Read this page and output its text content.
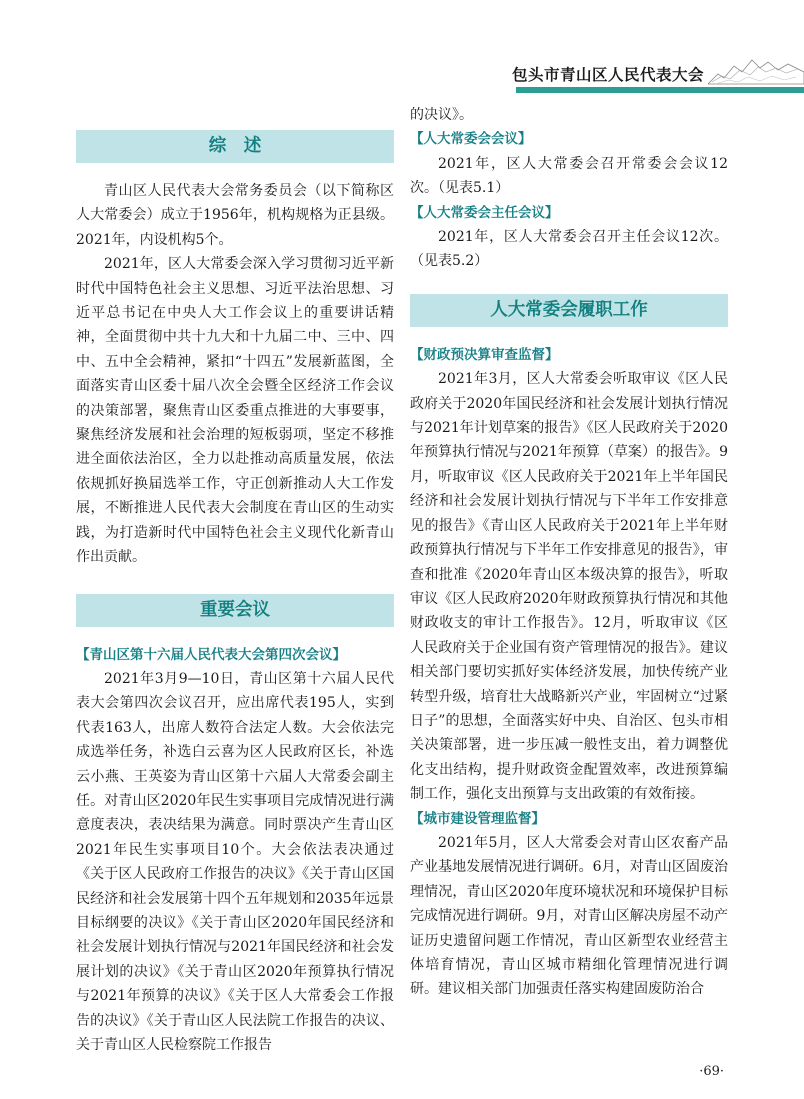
包头市青山区人民代表大会
综　述

青山区人民代表大会常务委员会（以下简称区人大常委会）成立于1956年，机构规格为正县级。2021年，内设机构5个。

2021年，区人大常委会深入学习贯彻习近平新时代中国特色社会主义思想、习近平法治思想、习近平总书记在中央人大工作会议上的重要讲话精神，全面贯彻中共十九大和十九届二中、三中、四中、五中全会精神，紧扣“十四五”发展新蓝图，全面落实青山区委十届八次全会暨全区经济工作会议的决策部署，聚焦青山区委重点推进的大事要事，聚焦经济发展和社会治理的短板弱项，坚定不移推进全面依法治区，全力以赴推动高质量发展，依法依规抓好换届选举工作，守正创新推动人大工作发展，不断推进人民代表大会制度在青山区的生动实践，为打造新时代中国特色社会主义现代化新青山作出贡献。

重要会议
【青山区第十六届人民代表大会第四次会议】

2021年3月9—10日，青山区第十六届人民代表大会第四次会议召开，应出席代表195人，实到代表163人，出席人数符合法定人数。大会依法完成选举任务，补选白云喜为区人民政府区长，补选云小燕、王英姿为青山区第十六届人大常委会副主任。对青山区2020年民生实事项目完成情况进行满意度表决，表决结果为满意。同时票决产生青山区2021年民生实事项目10个。大会依法表决通过《关于区人民政府工作报告的决议》《关于青山区国民经济和社会发展第十四个五年规划和2035年远景目标纲要的决议》《关于青山区2020年国民经济和社会发展计划执行情况与2021年国民经济和社会发展计划的决议》《关于青山区2020年预算执行情况与2021年预算的决议》《关于区人大常委会工作报告的决议》《关于青山区人民法院工作报告的决议、关于青山区人民检察院工作报告

的决议》。

【人大常委会会议】

2021年，区人大常委会召开常委会会议12次。（见表5.1）

【人大常委会主任会议】

2021年，区人大常委会召开主任会议12次。（见表5.2）

人大常委会履职工作
【财政预决算审查监督】

2021年3月，区人大常委会听取审议《区人民政府关于2020年国民经济和社会发展计划执行情况与2021年计划草案的报告》《区人民政府关于2020年预算执行情况与2021年预算（草案）的报告》。9月，听取审议《区人民政府关于2021年上半年国民经济和社会发展计划执行情况与下半年工作安排意见的报告》《青山区人民政府关于2021年上半年财政预算执行情况与下半年工作安排意见的报告》，审查和批准《2020年青山区本级决算的报告》，听取审议《区人民政府2020年财政预算执行情况和其他财政收支的审计工作报告》。12月，听取审议《区人民政府关于企业国有资产管理情况的报告》。建议相关部门要切实抓好实体经济发展，加快传统产业转型升级，培育壮大战略新兴产业，牢固树立“过紧日子”的思想，全面落实好中央、自治区、包头市相关决策部署，进一步压减一般性支出，着力调整优化支出结构，提升财政资金配置效率，改进预算编制工作，强化支出预算与支出政策的有效衔接。

【城市建设管理监督】

2021年5月，区人大常委会对青山区农畜产品产业基地发展情况进行调研。6月，对青山区固废治理情况，青山区2020年度环境状况和环境保护目标完成情况进行调研。9月，对青山区解决房屋不动产证历史遗留问题工作情况，青山区新型农业经营主体培育情况，青山区城市精细化管理情况进行调研。建议相关部门加强责任落实构建固废防治合

·69·
